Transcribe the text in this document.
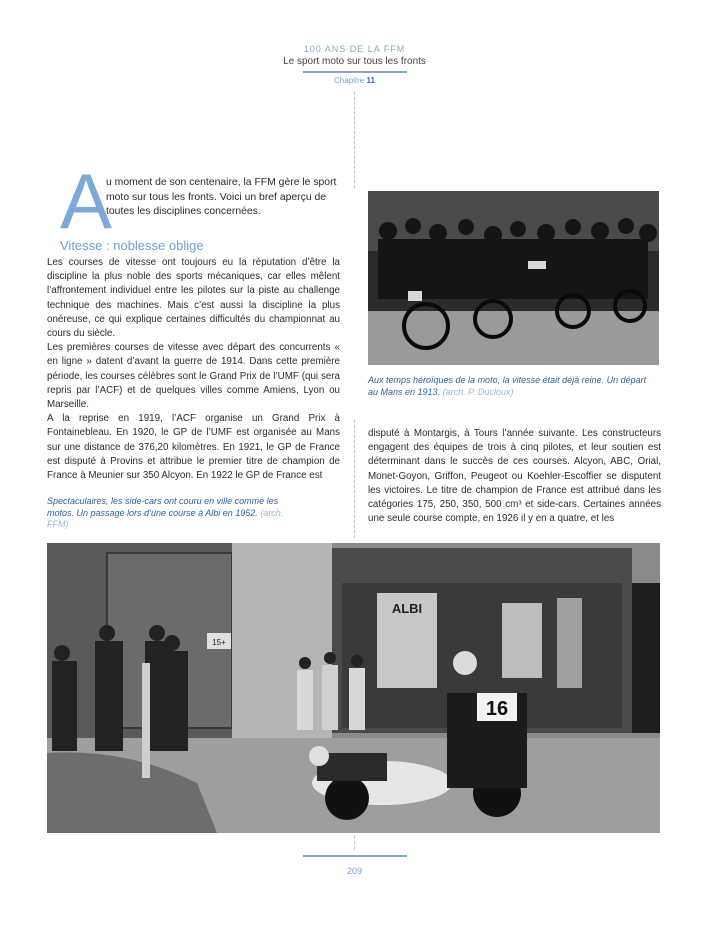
100 ANS DE LA FFM
Le sport moto sur tous les fronts
Chapitre 11
A
u moment de son centenaire, la FFM gère le sport moto sur tous les fronts. Voici un bref aperçu de toutes les disciplines concernées.
Vitesse : noblesse oblige

Les courses de vitesse ont toujours eu la réputation d’être la discipline la plus noble des sports mécaniques, car elles mêlent l’affrontement individuel entre les pilotes sur la piste au challenge technique des machines. Mais c’est aussi la discipline la plus onéreuse, ce qui explique certaines difficultés du championnat au cours du siècle.

Les premières courses de vitesse avec départ des concurrents « en ligne » datent d’avant la guerre de 1914. Dans cette première période, les courses célèbres sont le Grand Prix de l’UMF (qui sera repris par l’ACF) et de quelques villes comme Amiens, Lyon ou Marseille.

A la reprise en 1919, l’ACF organise un Grand Prix à Fontainebleau. En 1920, le GP de l’UMF est organisée au Mans sur une distance de 376,20 kilomètres. En 1921, le GP de France est disputé à Provins et attribue le premier titre de champion de France à Meunier sur 350 Alcyon. En 1922 le GP de France est

disputé à Montargis, à Tours l’année suivante. Les constructeurs engagent des équipes de trois à cinq pilotes, et leur soutien est déterminant dans le succès de ces courses. Alcyon, ABC, Orial, Monet-Goyon, Griffon, Peugeot ou Koehler-Escoffier se disputent les victoires. Le titre de champion de France est attribué dans les catégories 175, 250, 350, 500 cm³ et side-cars. Certaines années une seule course compte, en 1926 il y en a quatre, et les
Aux temps héroïques de la moto, la vitesse était déjà reine. Un départ au Mans en 1913. (arch. P. Ducloux)
Spectaculaires, les side-cars ont couru en ville comme les motos. Un passage lors d’une course à Albi en 1952. (arch. FFM)
ALBI
15+
16
209
